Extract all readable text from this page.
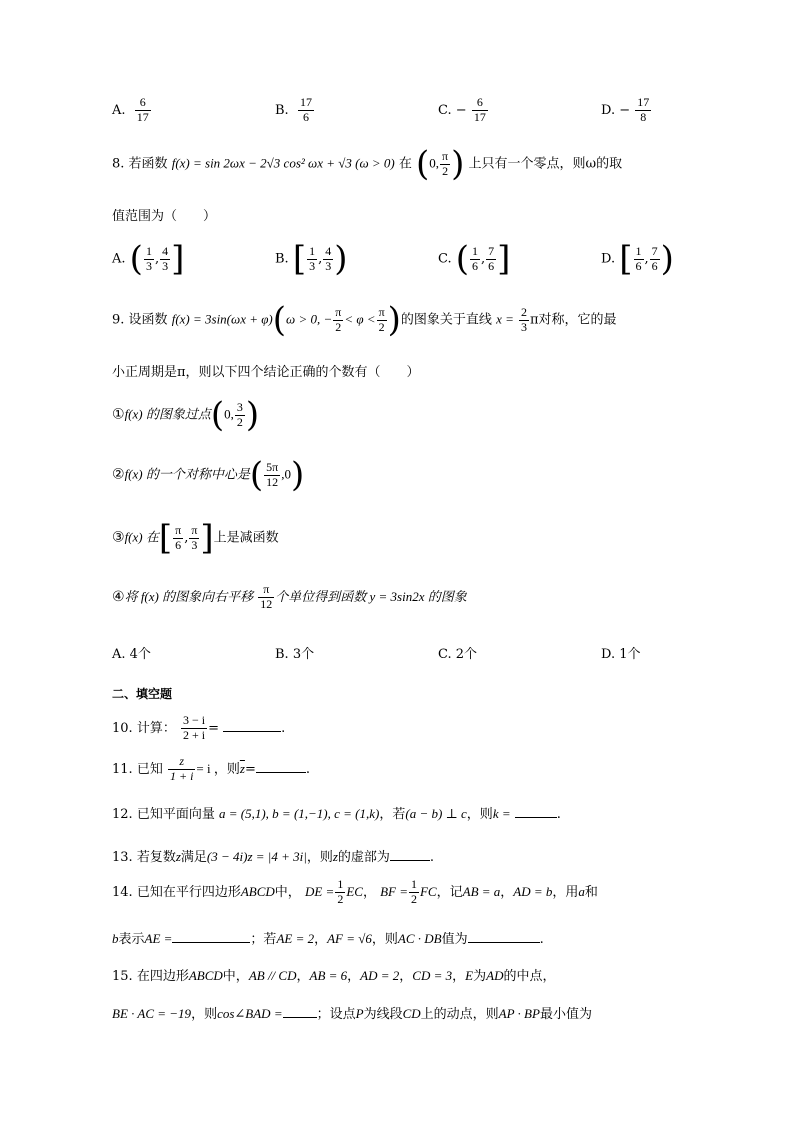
A. $\frac{6}{17}$	B. $\frac{17}{6}$	C. − $\frac{6}{17}$	D. − $\frac{17}{8}$
8. 若函数 f(x) = sin 2ωx − 2√3 cos² ωx + √3 (ω > 0) 在 (0, $\frac{\pi}{2}$ ) 上只有一个零点，则ω的取
值范围为（　　）
A. ( $\frac{1}{3}$ , $\frac{4}{3}$ ]	B. [ $\frac{1}{3}$ , $\frac{4}{3}$ )	C. ( $\frac{1}{6}$ , $\frac{7}{6}$ ]	D. [ $\frac{1}{6}$ , $\frac{7}{6}$ )
9. 设函数 f(x) = 3sin(ωx + φ)(ω > 0, − $\frac{\pi}{2} < \varphi < \frac{\pi}{2}$ )的图象关于直线 $x = \frac{2}{3}$ π对称，它的最
小正周期是π，则以下四个结论正确的个数有（　　）
①f(x) 的图象过点(0, $\frac{3}{2}$ )
②f(x) 的一个对称中心是( $\frac{5\pi}{12} ,0$)
③f(x) 在[ $\frac{\pi}{6}$ , $\frac{\pi}{3}$ ]上是减函数
④将 f(x) 的图象向右平移 $\frac{\pi}{12}$ 个单位得到函数 y = 3sin2x 的图象
A. 4个	B. 3个	C. 2个	D. 1个
二、填空题
10. 计算： $\frac{3 - i}{2 + i}$ =	.
11. 已知 $\frac{z}{1 + i} = i$ ，则$\overline{z}=$	.
12. 已知平面向量 a = (5,1), b = (1,−1), c = (1,k)，若(a − b) ⊥ c，则k =	.
13. 若复数z满足(3 − 4i)z = |4 + 3i|，则z的虚部为	.
14. 已知在平行四边形ABCD中， DE = $\frac{1}{2}$ EC， BF = $\frac{1}{2}$ FC，记AB = a，AD = b，用a和
b表示AE =	；若AE = 2，AF = √6，则AC · DB值为	.
15. 在四边形ABCD中，AB // CD，AB = 6，AD = 2，CD = 3，E为AD的中点，
BE · AC = −19，则cos∠BAD =	；设点P为线段CD上的动点，则AP · BP最小值为
